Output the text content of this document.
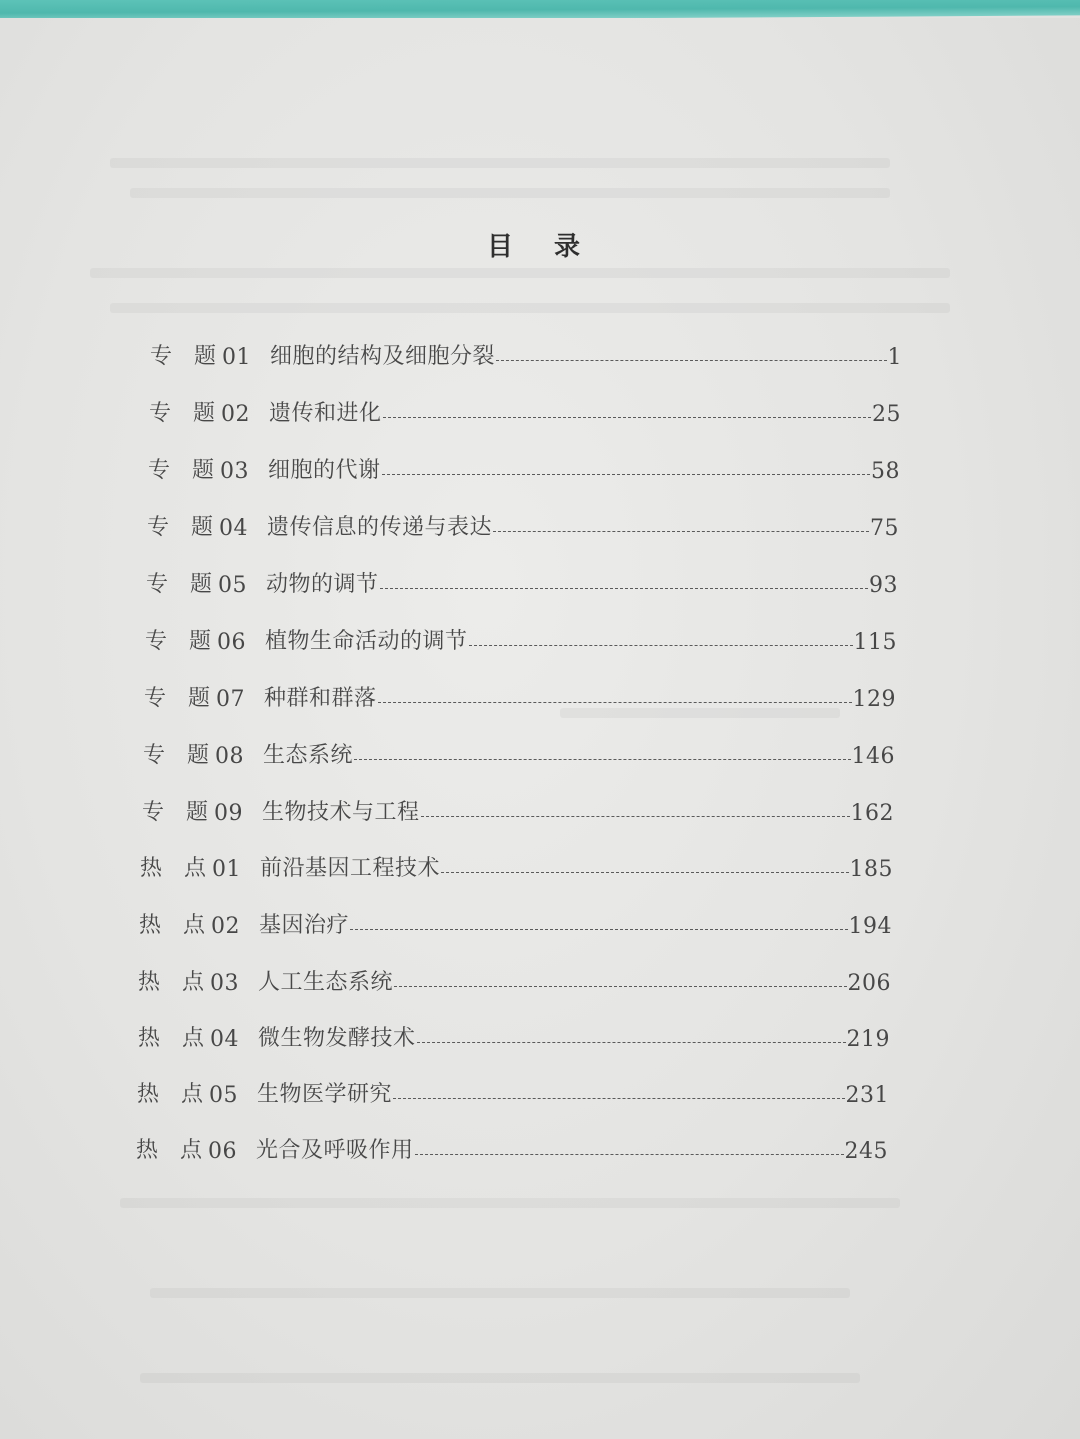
目 录
专 题 01 细胞的结构及细胞分裂	1
专 题 02 遗传和进化	25
专 题 03 细胞的代谢	58
专 题 04 遗传信息的传递与表达	75
专 题 05 动物的调节	93
专 题 06 植物生命活动的调节	115
专 题 07 种群和群落	129
专 题 08 生态系统	146
专 题 09 生物技术与工程	162
热 点 01 前沿基因工程技术	185
热 点 02 基因治疗	194
热 点 03 人工生态系统	206
热 点 04 微生物发酵技术	219
热 点 05 生物医学研究	231
热 点 06 光合及呼吸作用	245
